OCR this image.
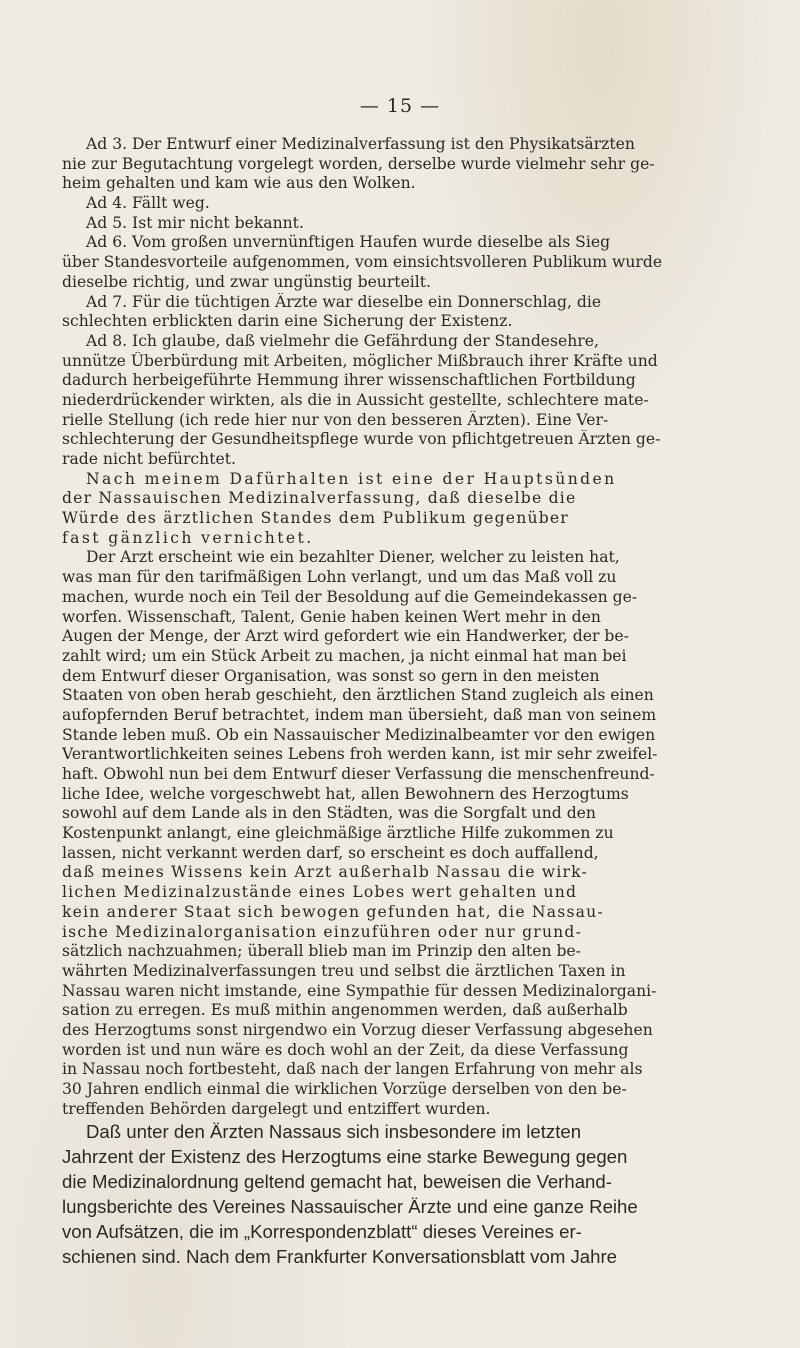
— 15 —
Ad 3. Der Entwurf einer Medizinalverfassung ist den Physikatsärzten
nie zur Begutachtung vorgelegt worden, derselbe wurde vielmehr sehr ge-
heim gehalten und kam wie aus den Wolken.
Ad 4. Fällt weg.
Ad 5. Ist mir nicht bekannt.
Ad 6. Vom großen unvernünftigen Haufen wurde dieselbe als Sieg
über Standesvorteile aufgenommen, vom einsichtsvolleren Publikum wurde
dieselbe richtig, und zwar ungünstig beurteilt.
Ad 7. Für die tüchtigen Ärzte war dieselbe ein Donnerschlag, die
schlechten erblickten darin eine Sicherung der Existenz.
Ad 8. Ich glaube, daß vielmehr die Gefährdung der Standesehre,
unnütze Überbürdung mit Arbeiten, möglicher Mißbrauch ihrer Kräfte und
dadurch herbeigeführte Hemmung ihrer wissenschaftlichen Fortbildung
niederdrückender wirkten, als die in Aussicht gestellte, schlechtere mate-
rielle Stellung (ich rede hier nur von den besseren Ärzten). Eine Ver-
schlechterung der Gesundheitspflege wurde von pflichtgetreuen Ärzten ge-
rade nicht befürchtet.
Nach meinem Dafürhalten ist eine der Hauptsünden
der Nassauischen Medizinalverfassung, daß dieselbe die
Würde des ärztlichen Standes dem Publikum gegenüber
fast gänzlich vernichtet.
Der Arzt erscheint wie ein bezahlter Diener, welcher zu leisten hat,
was man für den tarifmäßigen Lohn verlangt, und um das Maß voll zu
machen, wurde noch ein Teil der Besoldung auf die Gemeindekassen ge-
worfen. Wissenschaft, Talent, Genie haben keinen Wert mehr in den
Augen der Menge, der Arzt wird gefordert wie ein Handwerker, der be-
zahlt wird; um ein Stück Arbeit zu machen, ja nicht einmal hat man bei
dem Entwurf dieser Organisation, was sonst so gern in den meisten
Staaten von oben herab geschieht, den ärztlichen Stand zugleich als einen
aufopfernden Beruf betrachtet, indem man übersieht, daß man von seinem
Stande leben muß. Ob ein Nassauischer Medizinalbeamter vor den ewigen
Verantwortlichkeiten seines Lebens froh werden kann, ist mir sehr zweifel-
haft. Obwohl nun bei dem Entwurf dieser Verfassung die menschenfreund-
liche Idee, welche vorgeschwebt hat, allen Bewohnern des Herzogtums
sowohl auf dem Lande als in den Städten, was die Sorgfalt und den
Kostenpunkt anlangt, eine gleichmäßige ärztliche Hilfe zukommen zu
lassen, nicht verkannt werden darf, so erscheint es doch auffallend,
daß meines Wissens kein Arzt außerhalb Nassau die wirk-
lichen Medizinalzustände eines Lobes wert gehalten und
kein anderer Staat sich bewogen gefunden hat, die Nassau-
ische Medizinalorganisation einzuführen oder nur grund-
sätzlich nachzuahmen; überall blieb man im Prinzip den alten be-
währten Medizinalverfassungen treu und selbst die ärztlichen Taxen in
Nassau waren nicht imstande, eine Sympathie für dessen Medizinalorgani-
sation zu erregen. Es muß mithin angenommen werden, daß außerhalb
des Herzogtums sonst nirgendwo ein Vorzug dieser Verfassung abgesehen
worden ist und nun wäre es doch wohl an der Zeit, da diese Verfassung
in Nassau noch fortbesteht, daß nach der langen Erfahrung von mehr als
30 Jahren endlich einmal die wirklichen Vorzüge derselben von den be-
treffenden Behörden dargelegt und entziffert wurden.
Daß unter den Ärzten Nassaus sich insbesondere im letzten
Jahrzent der Existenz des Herzogtums eine starke Bewegung gegen
die Medizinalordnung geltend gemacht hat, beweisen die Verhand-
lungsberichte des Vereines Nassauischer Ärzte und eine ganze Reihe
von Aufsätzen, die im „Korrespondenzblatt“ dieses Vereines er-
schienen sind. Nach dem Frankfurter Konversationsblatt vom Jahre
